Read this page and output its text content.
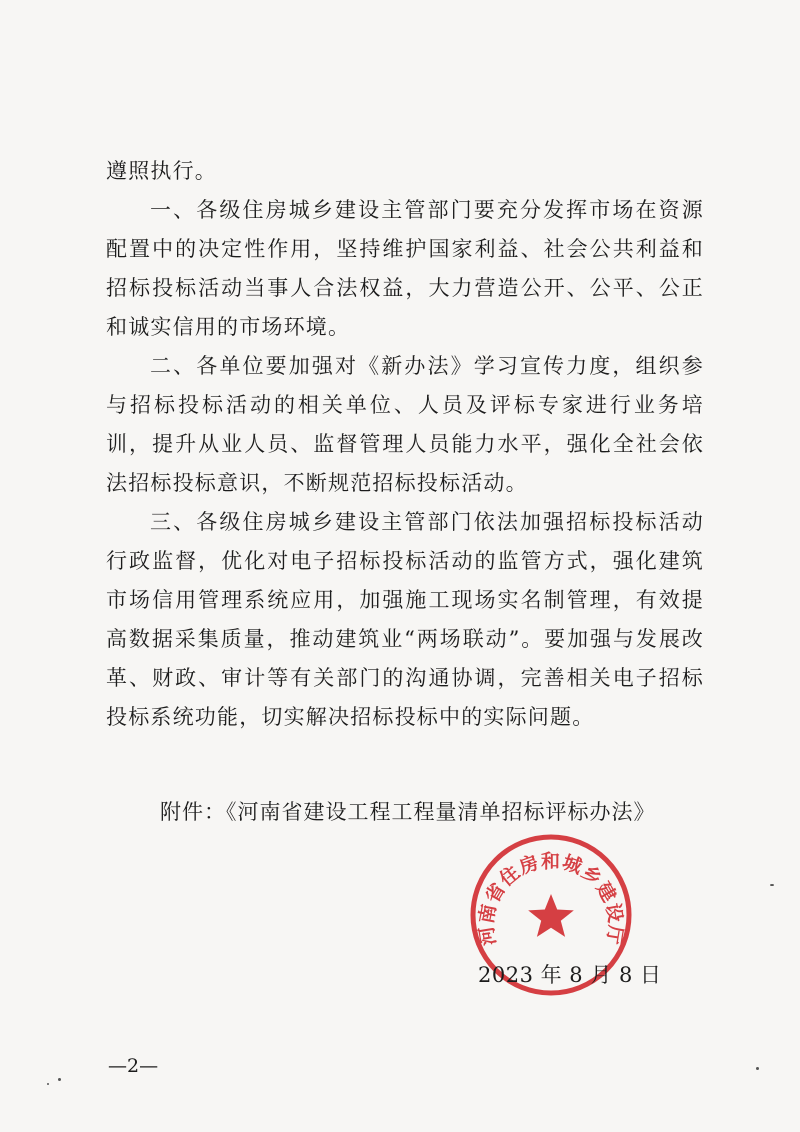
遵照执行。

一、各级住房城乡建设主管部门要充分发挥市场在资源配置中的决定性作用，坚持维护国家利益、社会公共利益和招标投标活动当事人合法权益，大力营造公开、公平、公正和诚实信用的市场环境。

二、各单位要加强对《新办法》学习宣传力度，组织参与招标投标活动的相关单位、人员及评标专家进行业务培训，提升从业人员、监督管理人员能力水平，强化全社会依法招标投标意识，不断规范招标投标活动。

三、各级住房城乡建设主管部门依法加强招标投标活动行政监督，优化对电子招标投标活动的监管方式，强化建筑市场信用管理系统应用，加强施工现场实名制管理，有效提高数据采集质量，推动建筑业“两场联动”。要加强与发展改革、财政、审计等有关部门的沟通协调，完善相关电子招标投标系统功能，切实解决招标投标中的实际问题。

附件：《河南省建设工程工程量清单招标评标办法》
河南省住房和城乡建设厅
2023 年 8 月 8 日
—2—
